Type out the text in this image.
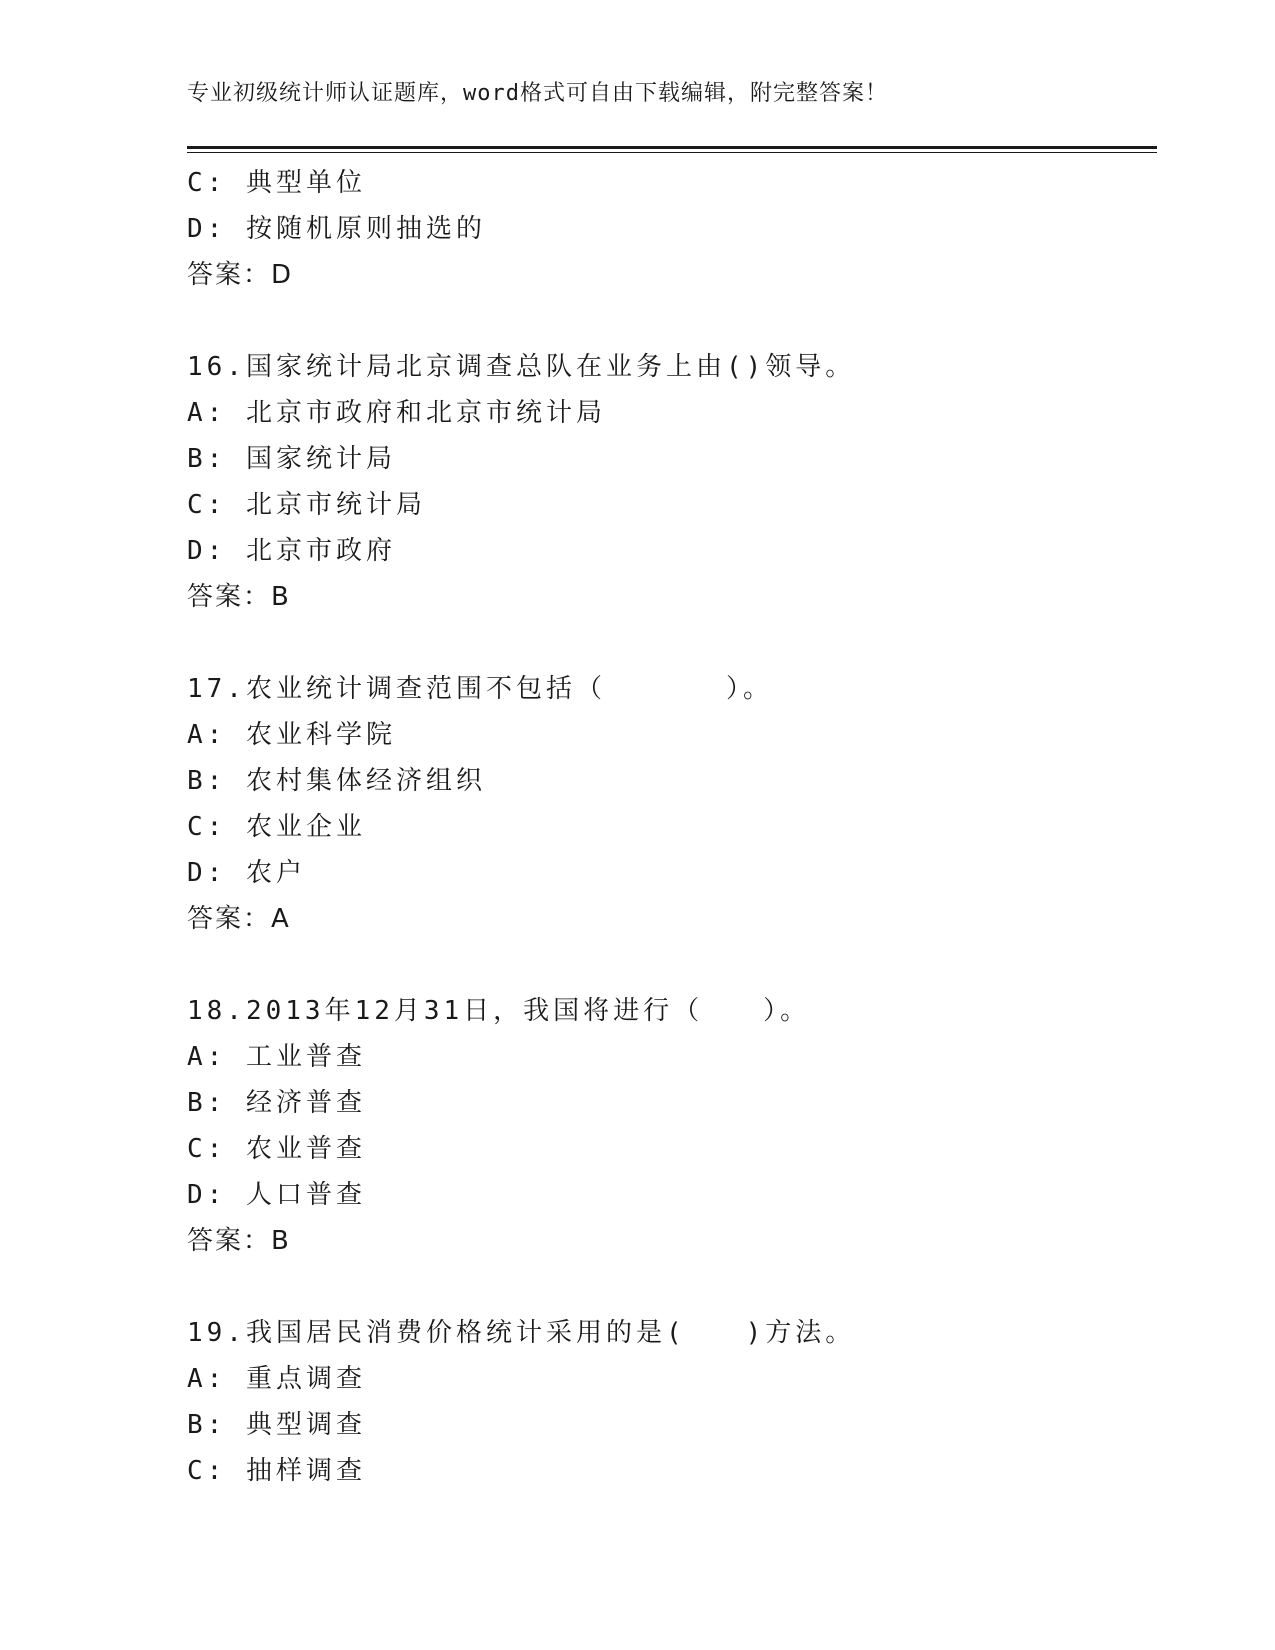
专业初级统计师认证题库，word格式可自由下载编辑，附完整答案！
C: 典型单位
D: 按随机原则抽选的
答案：D
16.国家统计局北京调查总队在业务上由()领导。
A: 北京市政府和北京市统计局
B: 国家统计局
C: 北京市统计局
D: 北京市政府
答案：B
17.农业统计调查范围不包括（　　　　）。
A: 农业科学院
B: 农村集体经济组织
C: 农业企业
D: 农户
答案：A
18.2013年12月31日，我国将进行（　　）。
A: 工业普查
B: 经济普查
C: 农业普查
D: 人口普查
答案：B
19.我国居民消费价格统计采用的是(　　)方法。
A: 重点调查
B: 典型调查
C: 抽样调查
